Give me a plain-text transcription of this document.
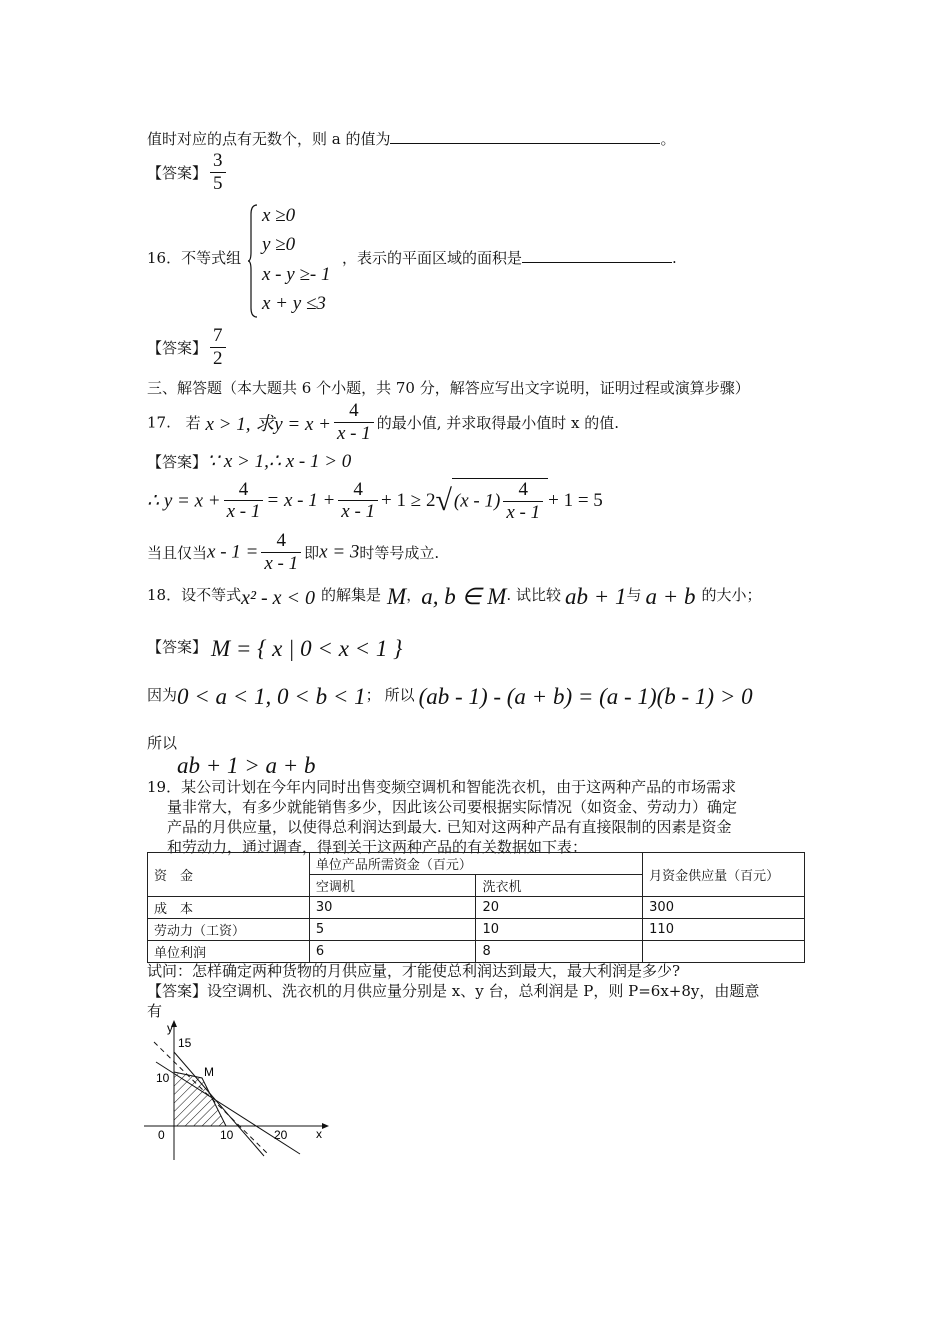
值时对应的点有无数个，则 a 的值为	。
【答案】 $\frac{3}{5}$
16．不等式组
x ≥0
y ≥0
x - y ≥- 1
x + y ≤3
，表示的平面区域的面积是	.
【答案】 $\frac{7}{2}$
三、解答题（本大题共 6 个小题，共 70 分，解答应写出文字说明，证明过程或演算步骤）
17. 若 x > 1, 求$y = x + \frac{4}{x - 1}$ 的最小值, 并求取得最小值时 x 的值.
【答案】∵ x > 1,∴ x - 1 > 0
∴ $y = x + \frac{4}{x - 1} = x - 1 + \frac{4}{x - 1} + 1 \ge 2√$ $(x - 1) \frac{4}{x - 1} + 1 = 5$
当且仅当$x - 1 = \frac{4}{x - 1}$ 即x = 3时等号成立.
18．设不等式x² - x < 0 的解集是 M，a, b ∈ M. 试比较 ab + 1与 a + b 的大小；
【答案】 M = { x | 0 < x < 1 }
因为0 < a < 1, 0 < b < 1； 所以 (ab - 1) - (a + b) = (a - 1)(b - 1) > 0
所以
ab + 1 > a + b
19．某公司计划在今年内同时出售变频空调机和智能洗衣机，由于这两种产品的市场需求
量非常大，有多少就能销售多少，因此该公司要根据实际情况（如资金、劳动力）确定
产品的月供应量，以使得总利润达到最大. 已知对这两种产品有直接限制的因素是资金
和劳动力，通过调查，得到关于这两种产品的有关数据如下表：
资　金	单位产品所需资金（百元）		月资金供应量（百元）
	空调机	洗衣机	
成　本	30	20	300
劳动力（工资）	5	10	110
单位利润	6	8	
试问：怎样确定两种货物的月供应量，才能使总利润达到最大，最大利润是多少?
【答案】设空调机、洗衣机的月供应量分别是 x、y 台，总利润是 P，则 P=6x+8y，由题意
有
y
x
0
15
10
10	20
M
